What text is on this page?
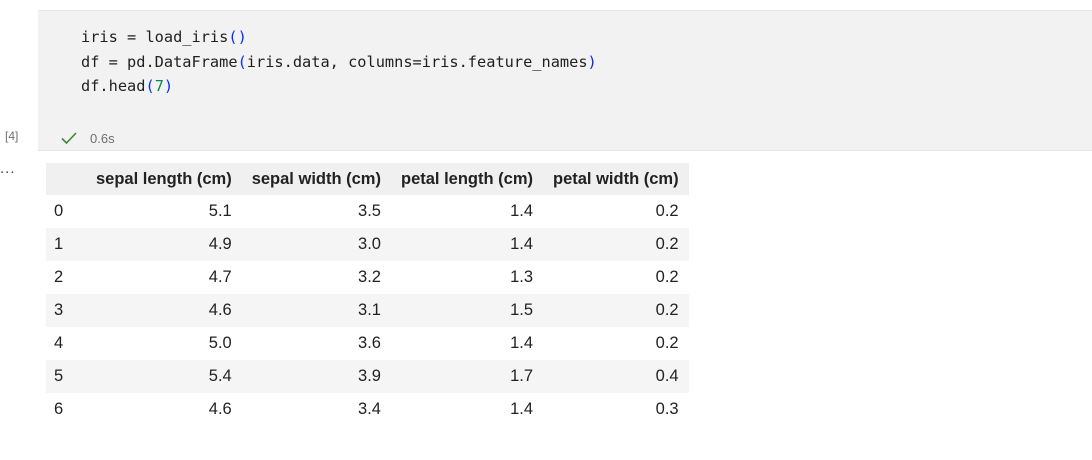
iris = load_iris()
df = pd.DataFrame(iris.data, columns=iris.feature_names)
df.head(7)
[4]	0.6s
...
	sepal length (cm)	sepal width (cm)	petal length (cm)	petal width (cm)
0	5.1	3.5	1.4	0.2
1	4.9	3.0	1.4	0.2
2	4.7	3.2	1.3	0.2
3	4.6	3.1	1.5	0.2
4	5.0	3.6	1.4	0.2
5	5.4	3.9	1.7	0.4
6	4.6	3.4	1.4	0.3
